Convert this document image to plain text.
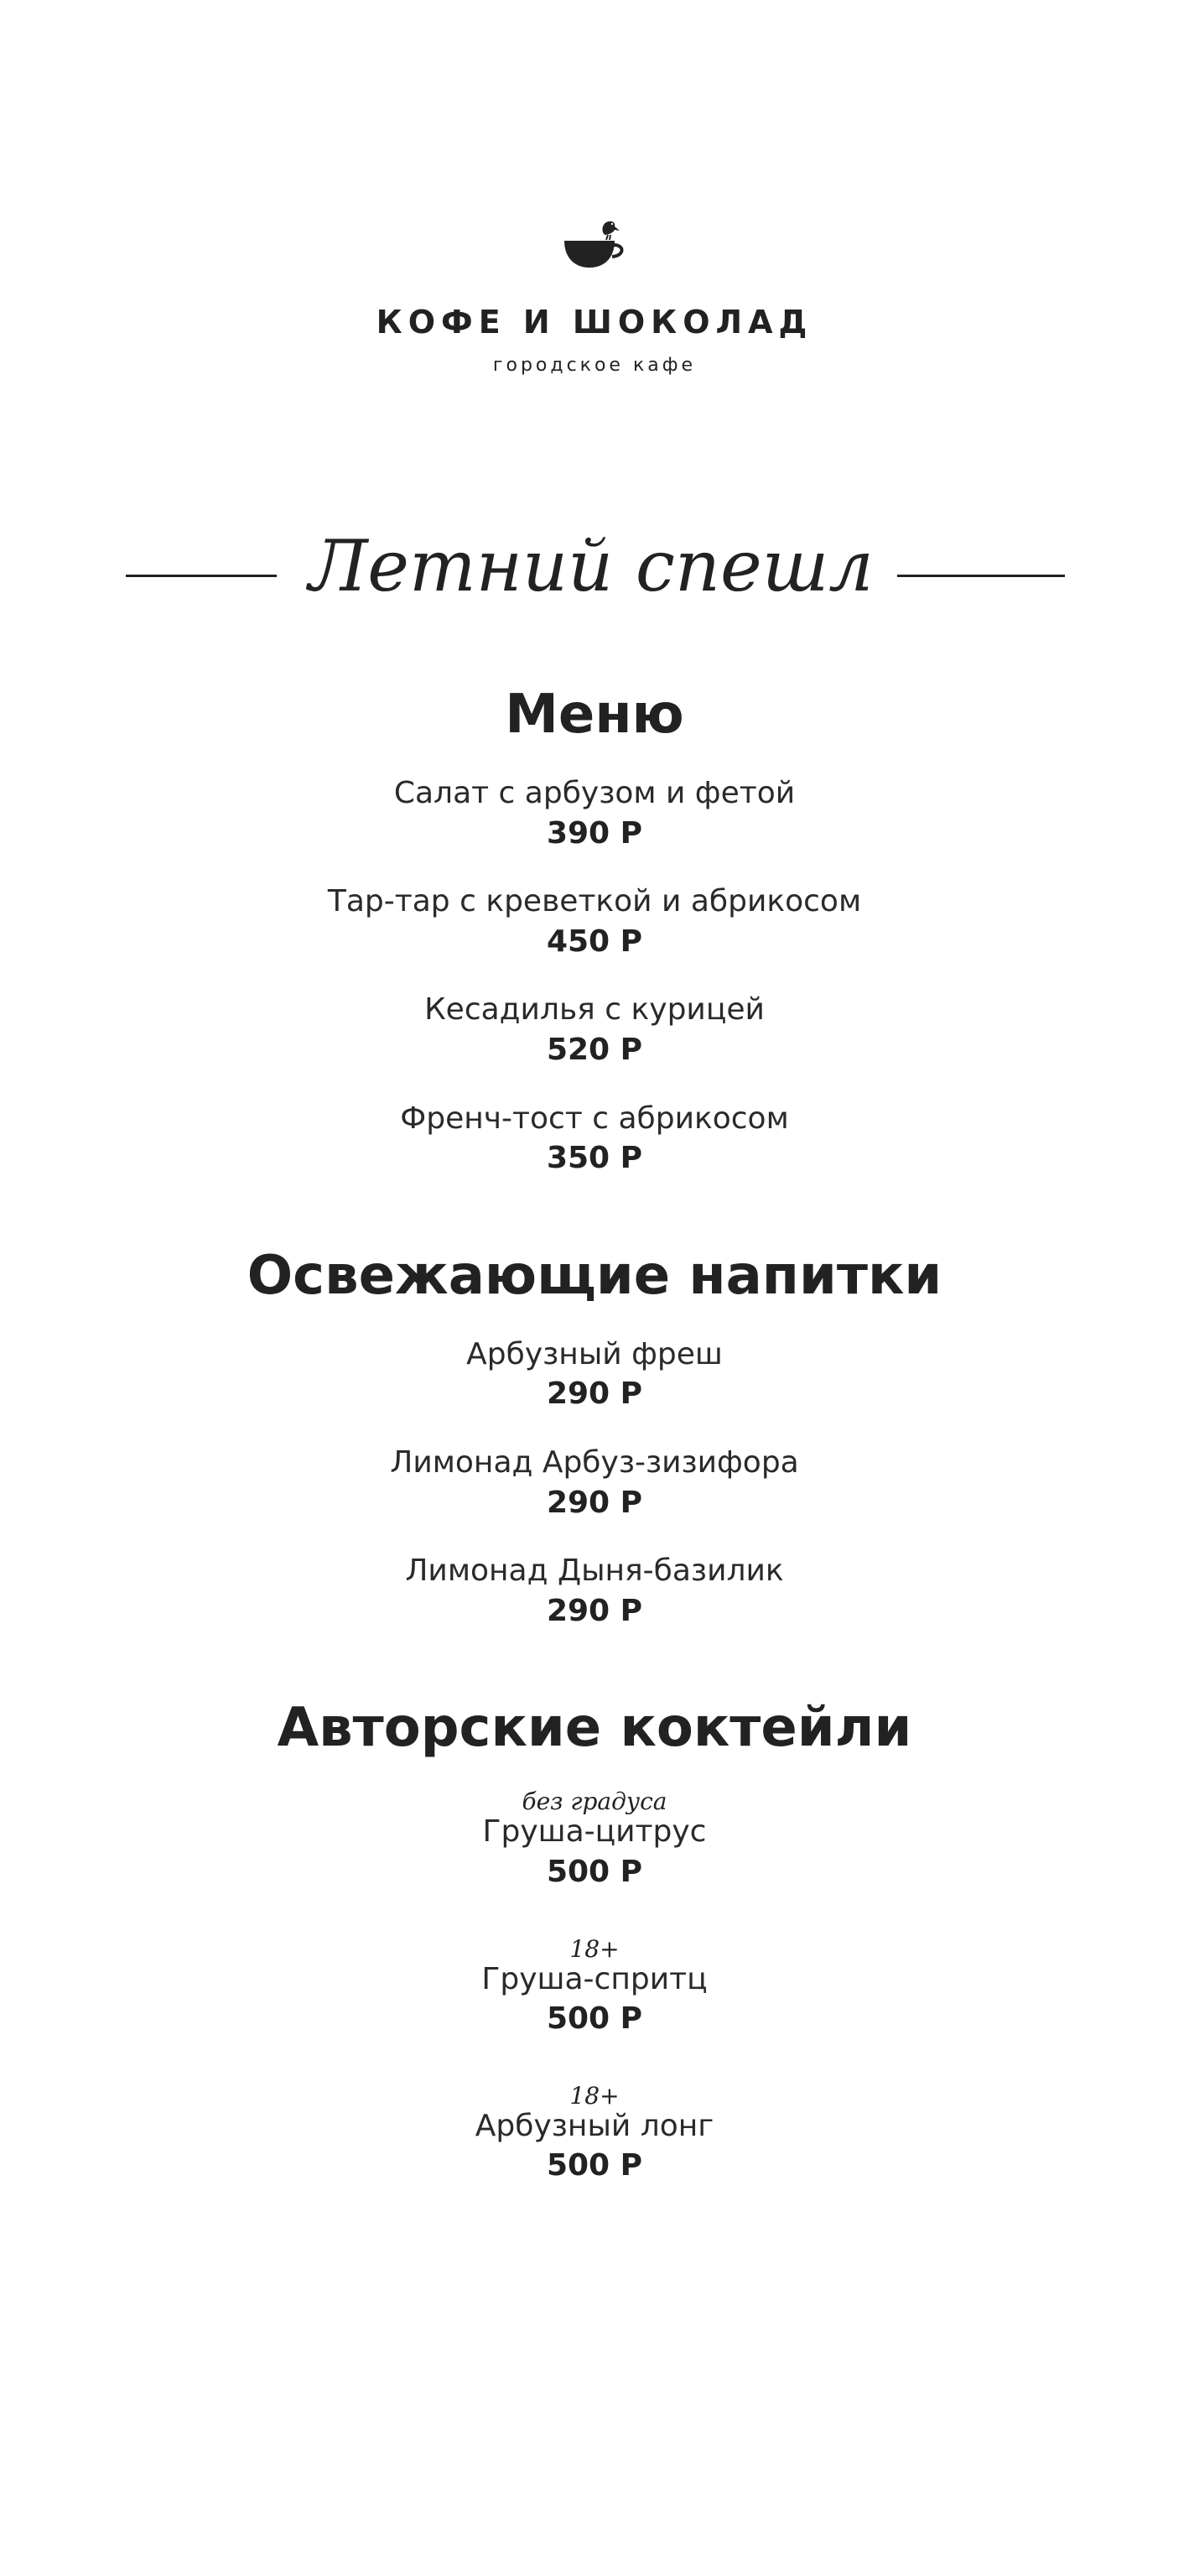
КОФЕ И ШОКОЛАД
городское кафе
Летний спешл
Меню
Салат с арбузом и фетой
390 Р
Тар-тар с креветкой и абрикосом
450 Р
Кесадилья с курицей
520 Р
Френч-тост с абрикосом
350 Р
Освежающие напитки
Арбузный фреш
290 Р
Лимонад Арбуз-зизифора
290 Р
Лимонад Дыня-базилик
290 Р
Авторские коктейли
без градуса
Груша-цитрус
500 Р
18+
Груша-спритц
500 Р
18+
Арбузный лонг
500 Р
